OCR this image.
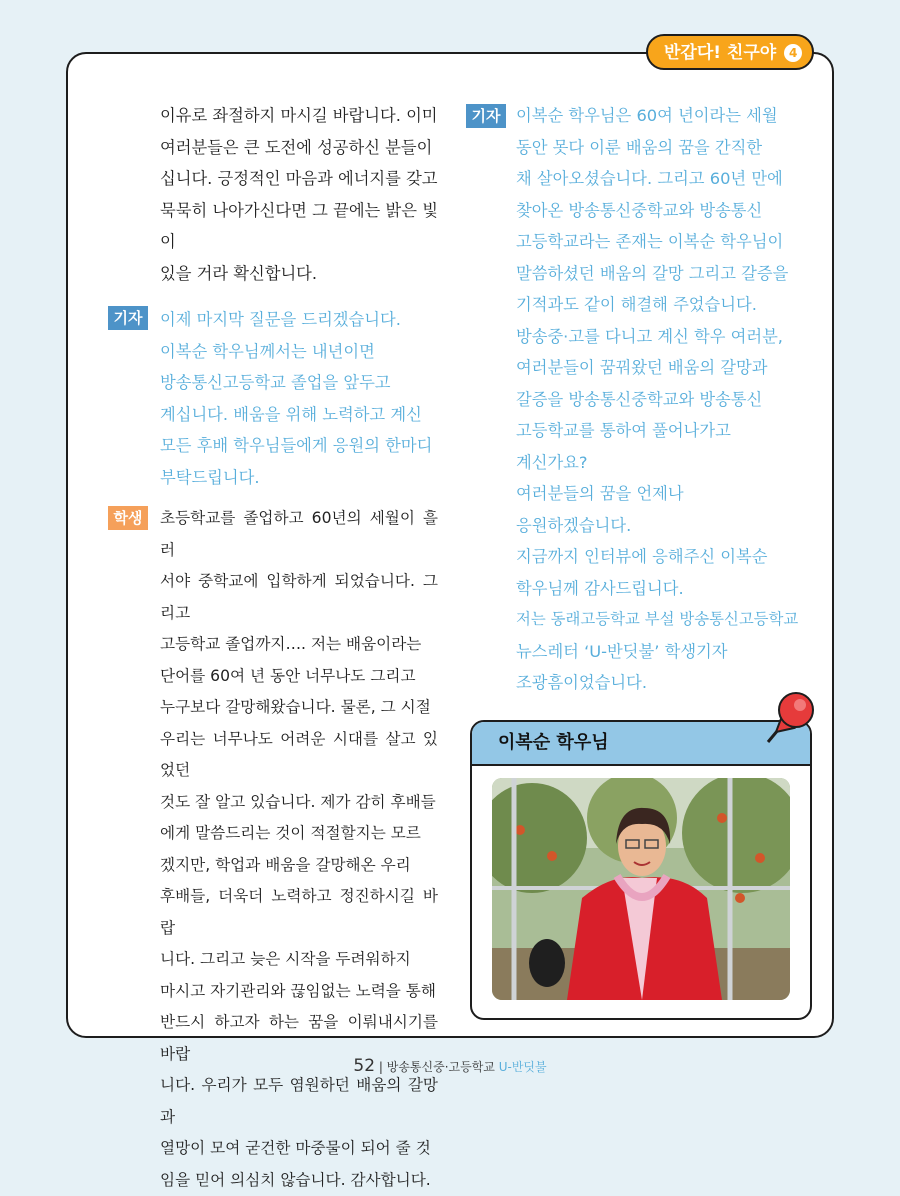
반갑다! 친구야	4

이유로 좌절하지 마시길 바랍니다. 이미

여러분들은 큰 도전에 성공하신 분들이

십니다. 긍정적인 마음과 에너지를 갖고

묵묵히 나아가신다면 그 끝에는 밝은 빛이

있을 거라 확신합니다.

기자	이제 마지막 질문을 드리겠습니다.

이복순 학우님께서는 내년이면

방송통신고등학교 졸업을 앞두고

계십니다. 배움을 위해 노력하고 계신

모든 후배 학우님들에게 응원의 한마디

부탁드립니다.

학생	초등학교를 졸업하고 60년의 세월이 흘러

서야 중학교에 입학하게 되었습니다. 그리고

고등학교 졸업까지…. 저는 배움이라는

단어를 60여 년 동안 너무나도 그리고

누구보다 갈망해왔습니다. 물론, 그 시절

우리는 너무나도 어려운 시대를 살고 있었던

것도 잘 알고 있습니다. 제가 감히 후배들

에게 말씀드리는 것이 적절할지는 모르

겠지만, 학업과 배움을 갈망해온 우리

후배들, 더욱더 노력하고 정진하시길 바랍

니다. 그리고 늦은 시작을 두려워하지

마시고 자기관리와 끊임없는 노력을 통해

반드시 하고자 하는 꿈을 이뤄내시기를 바랍

니다. 우리가 모두 염원하던 배움의 갈망과

열망이 모여 굳건한 마중물이 되어 줄 것

임을 믿어 의심치 않습니다. 감사합니다.

기자 이복순 학우님은 60여 년이라는 세월

동안 못다 이룬 배움의 꿈을 간직한

채 살아오셨습니다. 그리고 60년 만에

찾아온 방송통신중학교와 방송통신

고등학교라는 존재는 이복순 학우님이

말씀하셨던 배움의 갈망 그리고 갈증을

기적과도 같이 해결해 주었습니다.

방송중·고를 다니고 계신 학우 여러분,

여러분들이 꿈꿔왔던 배움의 갈망과

갈증을 방송통신중학교와 방송통신

고등학교를 통하여 풀어나가고

계신가요?

여러분들의 꿈을 언제나

응원하겠습니다.

지금까지 인터뷰에 응해주신 이복순

학우님께 감사드립니다.

저는 동래고등학교 부설 방송통신고등학교

뉴스레터 ‘U-반딧불’ 학생기자

조광흠이었습니다.

이복순 학우님
52 | 방송통신중·고등학교 U-반딧불
